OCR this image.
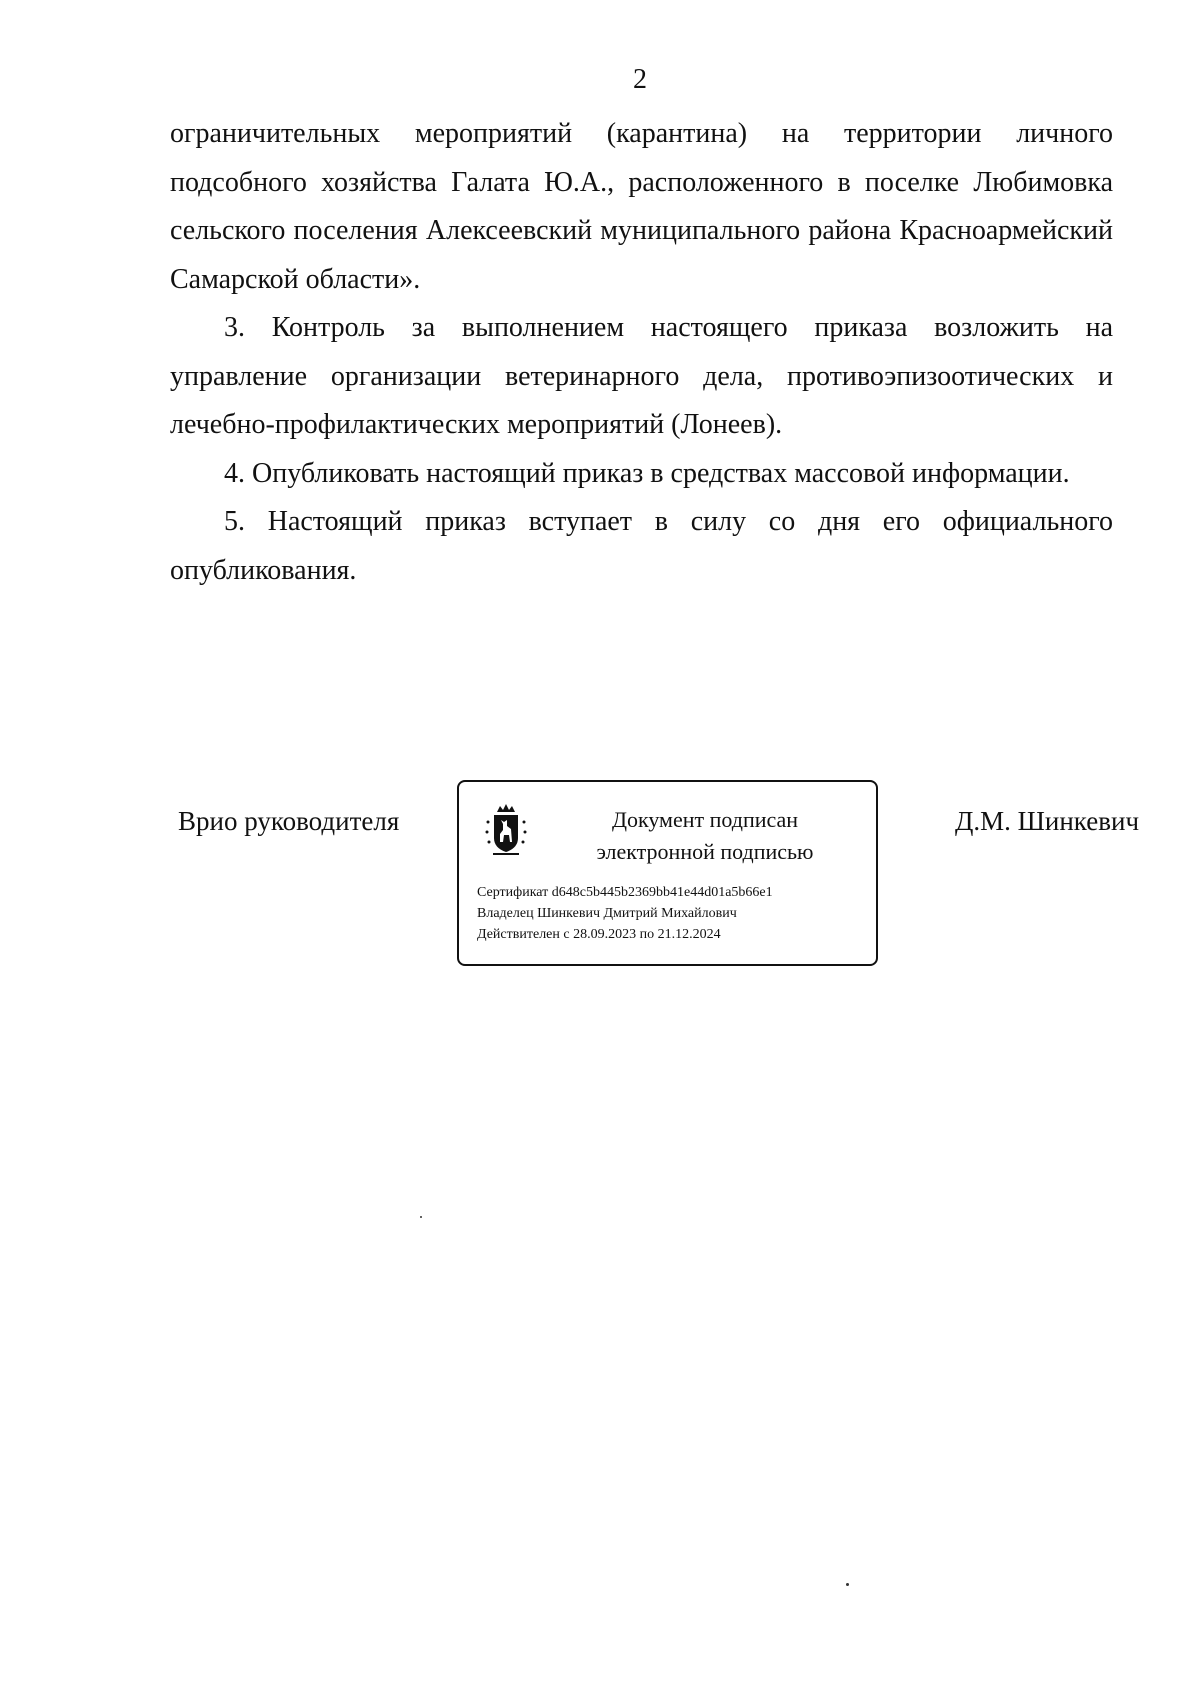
2

ограничительных мероприятий (карантина) на территории личного подсобного хозяйства Галата Ю.А., расположенного в поселке Любимовка сельского поселения Алексеевский муниципального района Красноармейский Самарской области».

3. Контроль за выполнением настоящего приказа возложить на управление организации ветеринарного дела, противоэпизоотических и лечебно-профилактических мероприятий (Лонеев).

4. Опубликовать настоящий приказ в средствах массовой информации.

5. Настоящий приказ вступает в силу со дня его официального опубликования.

Врио руководителя	Документ подписан
электронной подписью
Сертификат d648c5b445b2369bb41e44d01a5b66e1
Владелец Шинкевич Дмитрий Михайлович
Действителен с 28.09.2023 по 21.12.2024
Д.М. Шинкевич
